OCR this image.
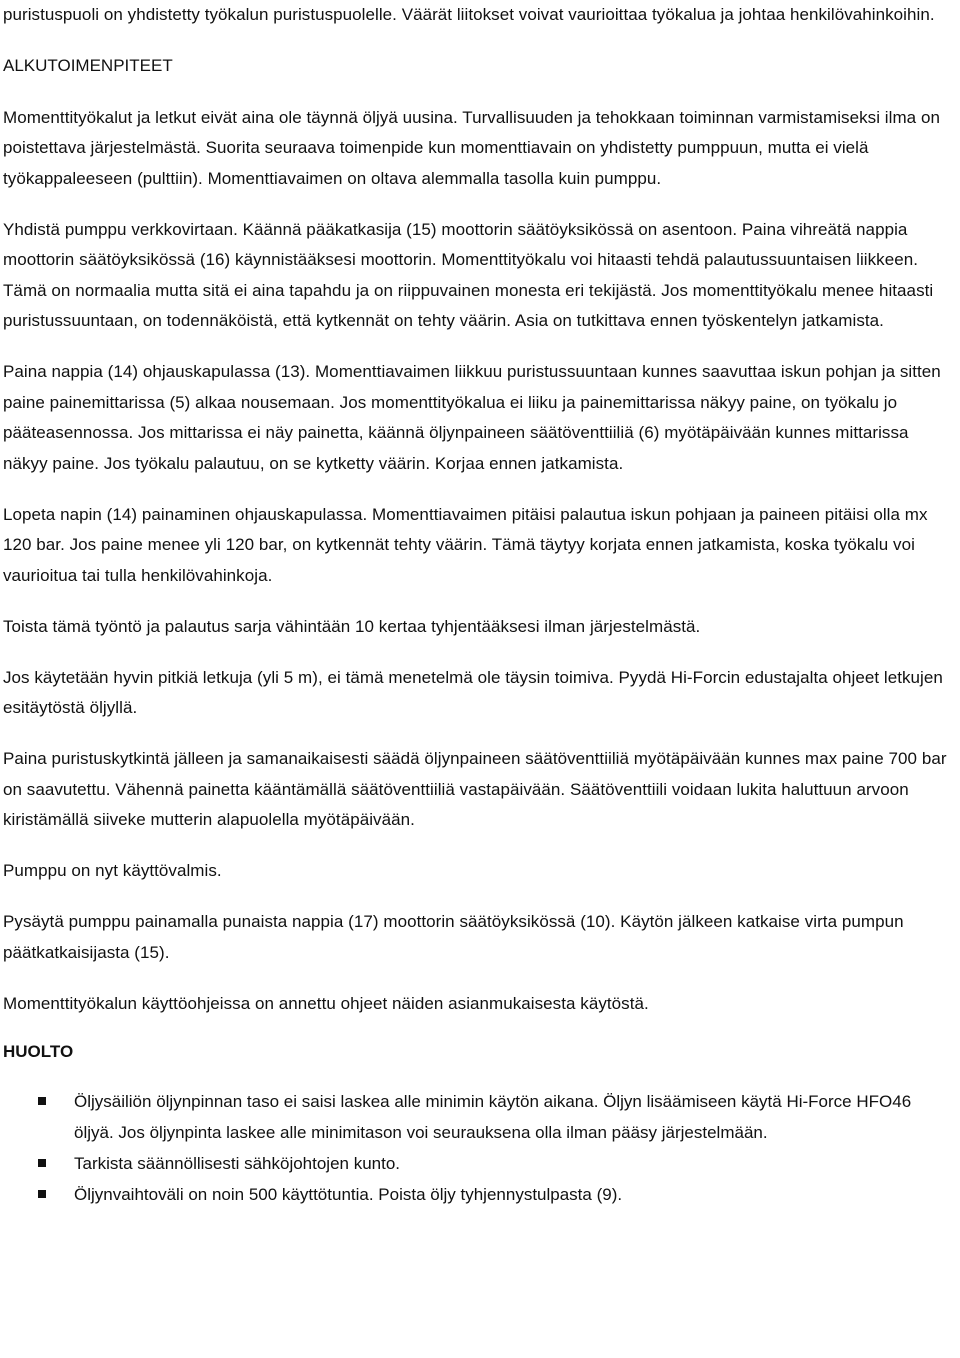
puristuspuoli on yhdistetty työkalun puristuspuolelle. Väärät liitokset voivat vaurioittaa työkalua ja johtaa henkilövahinkoihin.

ALKUTOIMENPITEET

Momenttityökalut ja letkut eivät aina ole täynnä öljyä uusina. Turvallisuuden ja tehokkaan toiminnan varmistamiseksi ilma on poistettava järjestelmästä. Suorita seuraava toimenpide kun momenttiavain on yhdistetty pumppuun, mutta ei vielä työkappaleeseen (pulttiin). Momenttiavaimen on oltava alemmalla tasolla kuin pumppu.

Yhdistä pumppu verkkovirtaan. Käännä pääkatkasija (15) moottorin säätöyksikössä on asentoon. Paina vihreätä nappia moottorin säätöyksikössä (16) käynnistääksesi moottorin. Momenttityökalu voi hitaasti tehdä palautussuuntaisen liikkeen. Tämä on normaalia mutta sitä ei aina tapahdu ja on riippuvainen monesta eri tekijästä. Jos momenttityökalu menee hitaasti puristussuuntaan, on todennäköistä, että kytkennät on tehty väärin. Asia on tutkittava ennen työskentelyn jatkamista.

Paina nappia (14) ohjauskapulassa (13). Momenttiavaimen liikkuu puristussuuntaan kunnes saavuttaa iskun pohjan ja sitten paine painemittarissa (5) alkaa nousemaan. Jos momenttityökalua ei liiku ja painemittarissa näkyy paine, on työkalu jo pääteasennossa. Jos mittarissa ei näy painetta, käännä öljynpaineen säätöventtiiliä (6) myötäpäivään kunnes mittarissa näkyy paine. Jos työkalu palautuu, on se kytketty väärin. Korjaa ennen jatkamista.

Lopeta napin (14) painaminen ohjauskapulassa. Momenttiavaimen pitäisi palautua iskun pohjaan ja paineen pitäisi olla mx 120 bar. Jos paine menee yli 120 bar, on kytkennät tehty väärin. Tämä täytyy korjata ennen jatkamista, koska työkalu voi vaurioitua tai tulla henkilövahinkoja.

Toista tämä työntö ja palautus sarja vähintään 10 kertaa tyhjentääksesi ilman järjestelmästä.

Jos käytetään hyvin pitkiä letkuja (yli 5 m), ei tämä menetelmä ole täysin toimiva. Pyydä Hi-Forcin edustajalta ohjeet letkujen esitäytöstä öljyllä.

Paina puristuskytkintä jälleen ja samanaikaisesti säädä öljynpaineen säätöventtiiliä myötäpäivään kunnes max paine 700 bar on saavutettu. Vähennä painetta kääntämällä säätöventtiiliä vastapäivään. Säätöventtiili voidaan lukita haluttuun arvoon kiristämällä siiveke mutterin alapuolella myötäpäivään.

Pumppu on nyt käyttövalmis.

Pysäytä pumppu painamalla punaista nappia (17) moottorin säätöyksikössä (10). Käytön jälkeen katkaise virta pumpun päätkatkaisijasta (15).

Momenttityökalun käyttöohjeissa on annettu ohjeet näiden asianmukaisesta käytöstä.

HUOLTO

Öljysäiliön öljynpinnan taso ei saisi laskea alle minimin käytön aikana. Öljyn lisäämiseen käytä Hi-Force HFO46 öljyä. Jos öljynpinta laskee alle minimitason voi seurauksena olla ilman pääsy järjestelmään.
Tarkista säännöllisesti sähköjohtojen kunto.
Öljynvaihtoväli on noin 500 käyttötuntia. Poista öljy tyhjennystulpasta (9).
